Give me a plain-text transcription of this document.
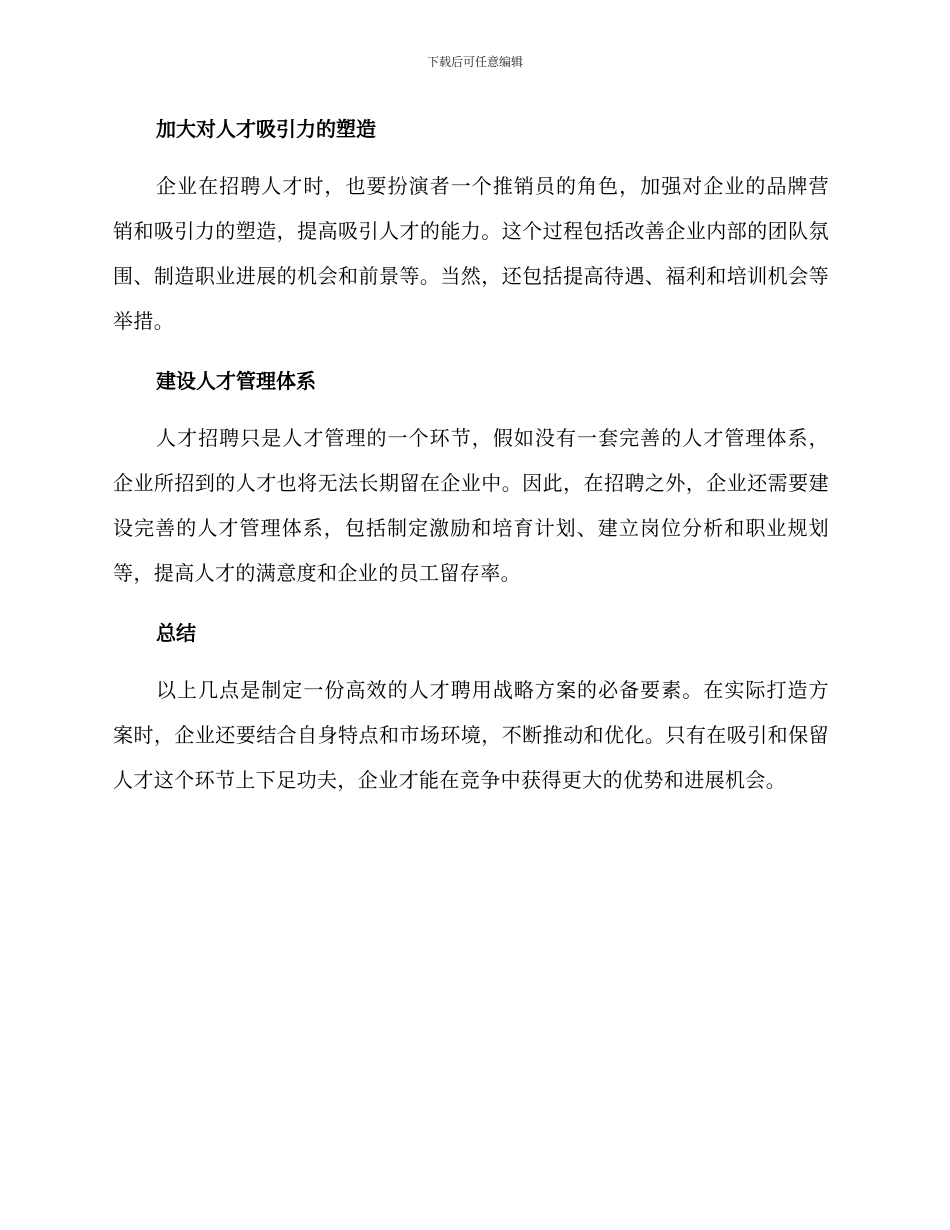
下载后可任意编辑
加大对人才吸引力的塑造

企业在招聘人才时，也要扮演者一个推销员的角色，加强对企业的品牌营销和吸引力的塑造，提高吸引人才的能力。这个过程包括改善企业内部的团队氛围、制造职业进展的机会和前景等。当然，还包括提高待遇、福利和培训机会等举措。

建设人才管理体系

人才招聘只是人才管理的一个环节，假如没有一套完善的人才管理体系，企业所招到的人才也将无法长期留在企业中。因此，在招聘之外，企业还需要建设完善的人才管理体系，包括制定激励和培育计划、建立岗位分析和职业规划等，提高人才的满意度和企业的员工留存率。

总结

以上几点是制定一份高效的人才聘用战略方案的必备要素。在实际打造方案时，企业还要结合自身特点和市场环境，不断推动和优化。只有在吸引和保留人才这个环节上下足功夫，企业才能在竞争中获得更大的优势和进展机会。
